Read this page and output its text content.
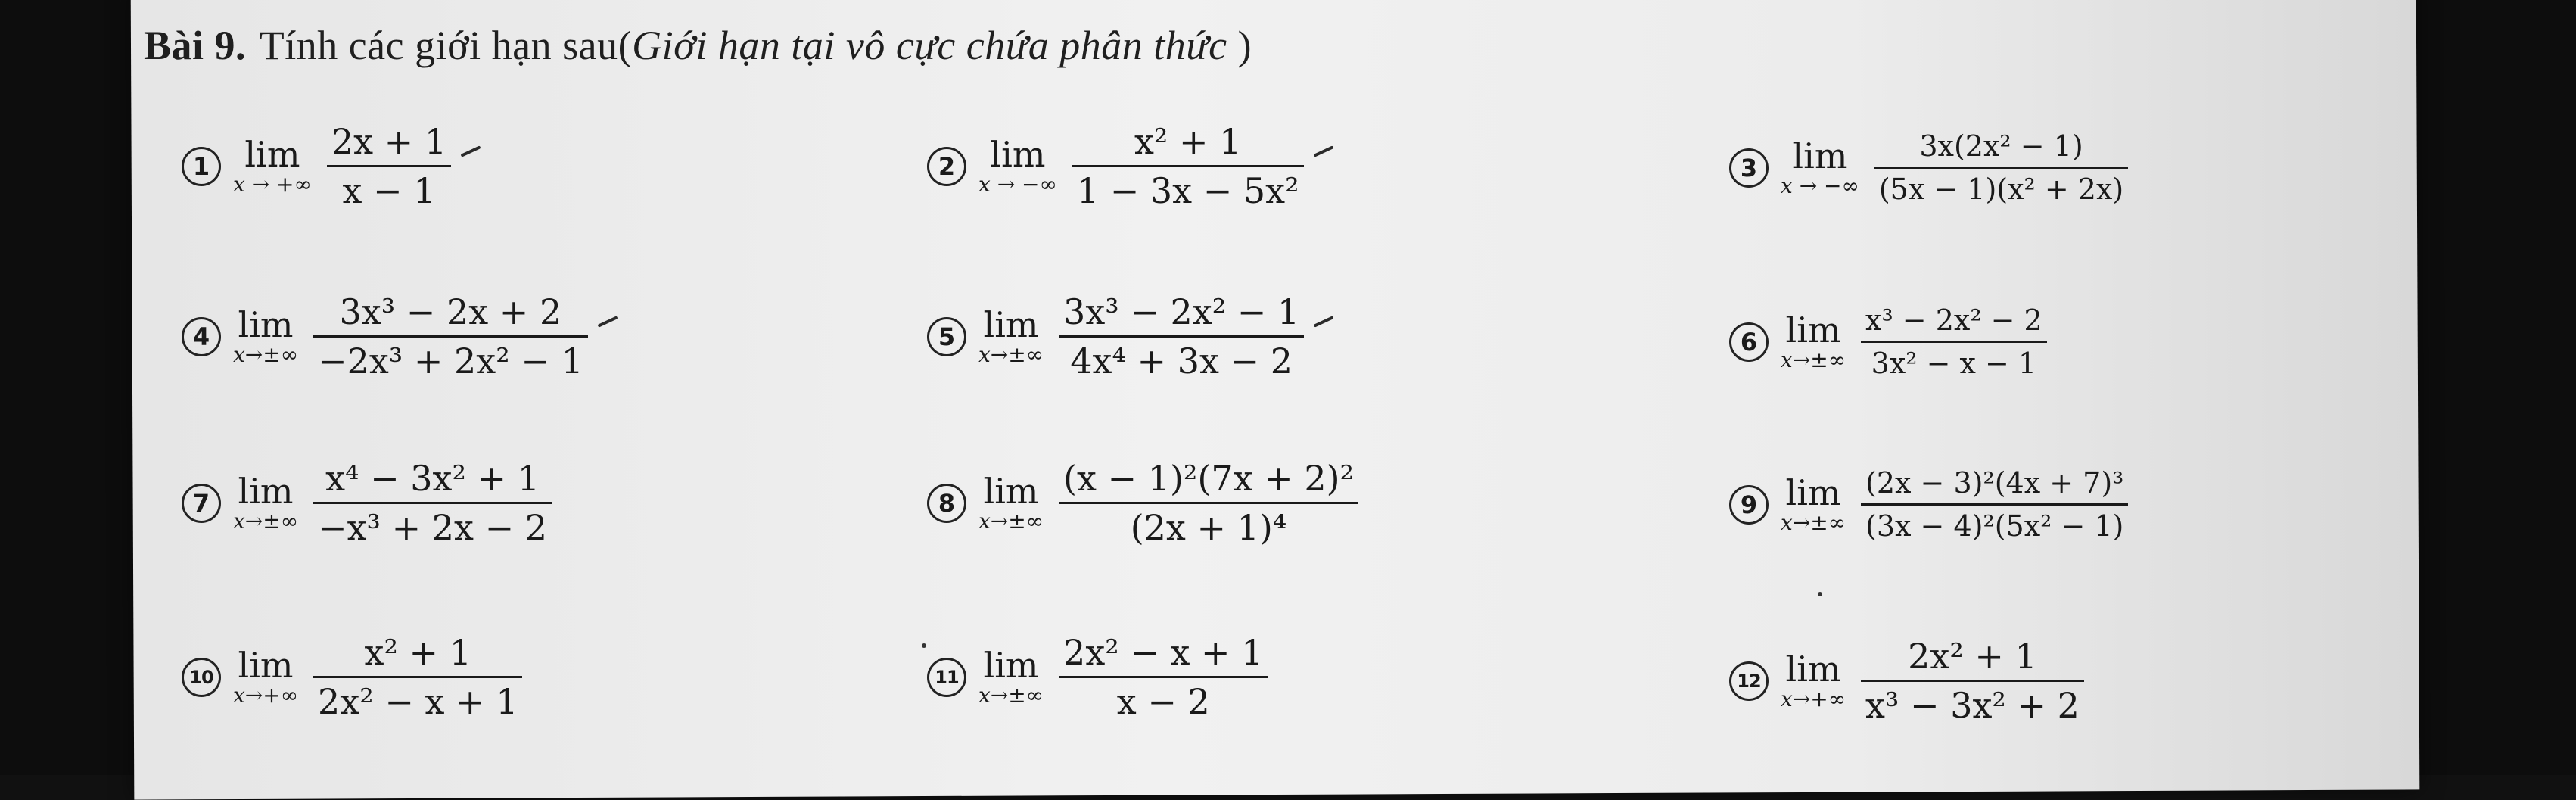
Bài 9. Tính các giới hạn sau(Giới hạn tại vô cực chứa phân thức )
1	lim
x → +∞ $\frac{2x + 1}{x - 1}$	2	lim
x → −∞ $\frac{\text{x² + 1}}{\text{1 − 3x − 5x²}}$	3	lim
x → −∞ $\frac{\text{3x(2x² − 1)}}{\text{(5x − 1)(x² + 2x)}}$
4 lim
$x\to\pm\infty \frac{\text{3x³ − 2x + 2}}{\text{−2x³ + 2x² − 1}}$	5 lim
$x\to\pm\infty \frac{\text{3x³ − 2x² − 1}}{\text{4x⁴ + 3x − 2}}$	6 lim
$x\to\pm\infty \frac{\text{x³ − 2x² − 2}}{\text{3x² − x − 1}}$
7 lim
$x\to\pm\infty \frac{\text{x⁴ − 3x² + 1}}{\text{−x³ + 2x − 2}}$	8 lim
$x\to\pm\infty \frac{\text{(x − 1)²(7x + 2)²}}{\text{(2x + 1)⁴}}$	9 lim
$x\to\pm\infty \frac{\text{(2x − 3)²(4x + 7)³}}{\text{(3x − 4)²(5x² − 1)}}$
10 lim
$x\to+\infty \frac{\text{x² + 1}}{\text{2x² − x + 1}}$	11 lim
$x\to\pm\infty \frac{\text{2x² − x + 1}}{x - 2}$	12 lim
$x\to+\infty \frac{\text{2x² + 1}}{\text{x³ − 3x² + 2}}$
